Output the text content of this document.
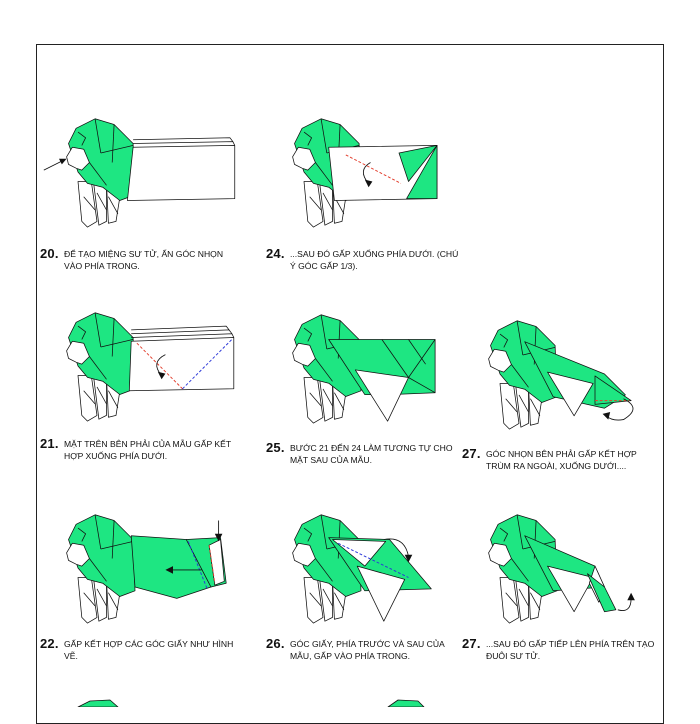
20. ĐỂ TẠO MIỆNG SƯ TỬ, ẤN GÓC NHỌN VÀO PHÍA TRONG.
24. ...SAU ĐÓ GẤP XUỐNG PHÍA DƯỚI. (CHÚ Ý GÓC GẤP 1/3).
21. MẶT TRÊN BÊN PHẢI CỦA MẪU GẤP KẾT HỢP XUỐNG PHÍA DƯỚI.
25. BƯỚC 21 ĐẾN 24 LÀM TƯƠNG TỰ CHO MẶT SAU CỦA MẪU.	27. GÓC NHỌN BÊN PHẢI GẤP KẾT HỢP TRÙM RA NGOÀI, XUỐNG DƯỚI....
22. GẤP KẾT HỢP CÁC GÓC GIẤY NHƯ HÌNH VẼ.
26. GÓC GIẤY, PHÍA TRƯỚC VÀ SAU CỦA MẪU, GẤP VÀO PHÍA TRONG.
27. ...SAU ĐÓ GẤP TIẾP LÊN PHÍA TRÊN TẠO ĐUÔI SƯ TỬ.
